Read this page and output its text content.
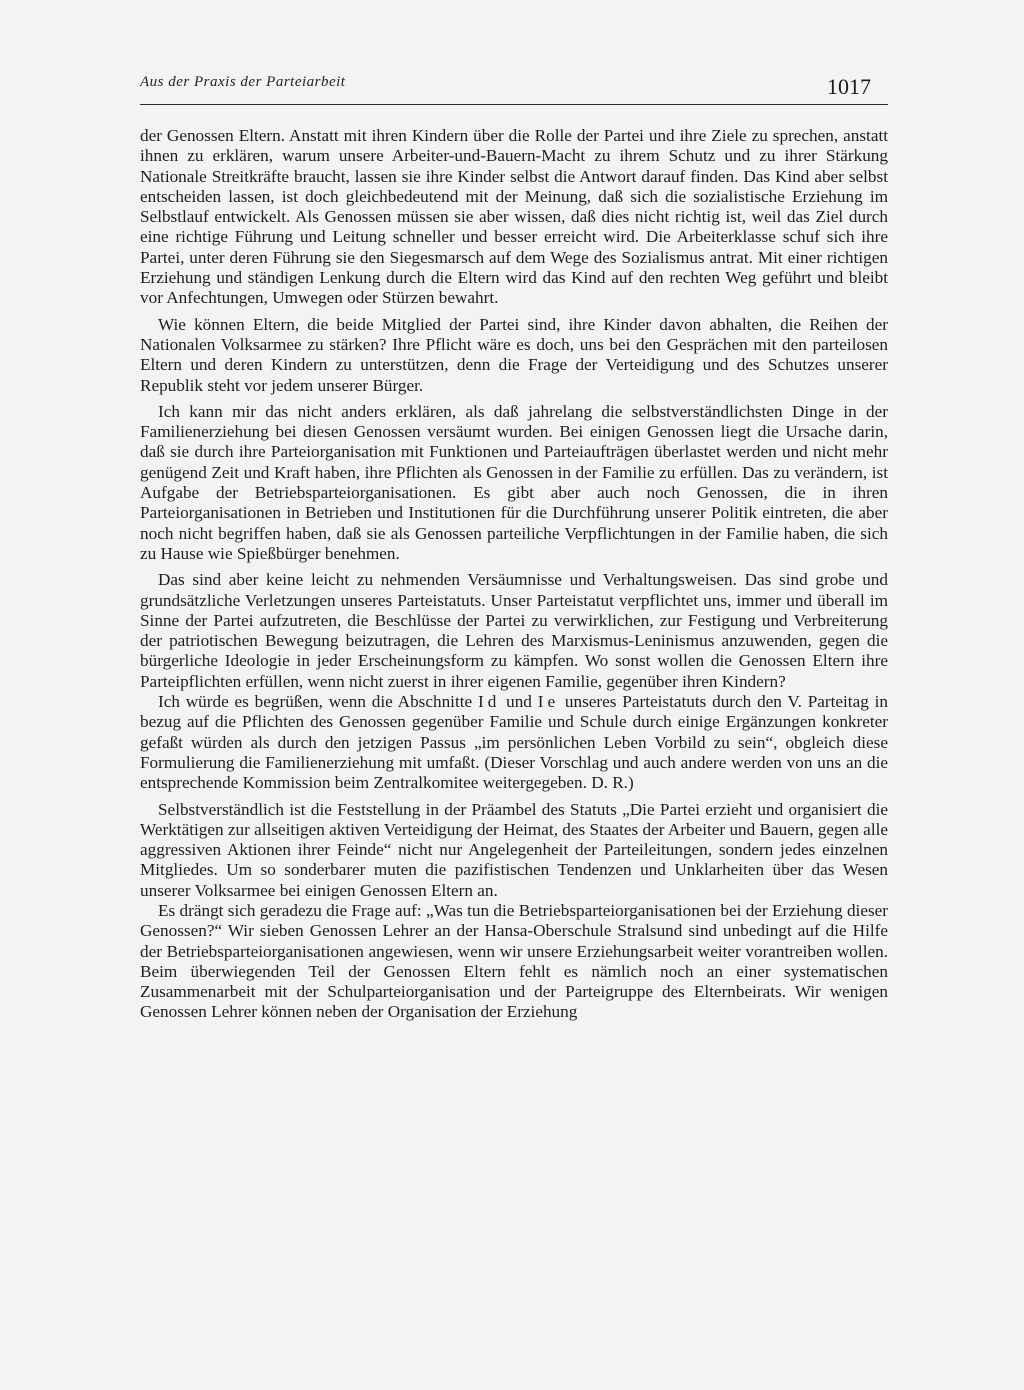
Aus der Praxis der Parteiarbeit	1017

der Genossen Eltern. Anstatt mit ihren Kindern über die Rolle der Partei und ihre Ziele zu sprechen, anstatt ihnen zu erklären, warum unsere Arbeiter-und-Bauern-Macht zu ihrem Schutz und zu ihrer Stärkung Nationale Streitkräfte braucht, lassen sie ihre Kinder selbst die Antwort darauf finden. Das Kind aber selbst entscheiden lassen, ist doch gleichbedeutend mit der Meinung, daß sich die sozialistische Erziehung im Selbstlauf entwickelt. Als Genossen müssen sie aber wissen, daß dies nicht richtig ist, weil das Ziel durch eine richtige Führung und Leitung schneller und besser erreicht wird. Die Arbeiterklasse schuf sich ihre Partei, unter deren Führung sie den Siegesmarsch auf dem Wege des Sozialismus antrat. Mit einer richtigen Erziehung und ständigen Lenkung durch die Eltern wird das Kind auf den rechten Weg geführt und bleibt vor Anfechtungen, Umwegen oder Stürzen bewahrt.

Wie können Eltern, die beide Mitglied der Partei sind, ihre Kinder davon abhalten, die Reihen der Nationalen Volksarmee zu stärken? Ihre Pflicht wäre es doch, uns bei den Gesprächen mit den parteilosen Eltern und deren Kindern zu unterstützen, denn die Frage der Verteidigung und des Schutzes unserer Republik steht vor jedem unserer Bürger.

Ich kann mir das nicht anders erklären, als daß jahrelang die selbstverständlichsten Dinge in der Familienerziehung bei diesen Genossen versäumt wurden. Bei einigen Genossen liegt die Ursache darin, daß sie durch ihre Parteiorganisation mit Funktionen und Parteiaufträgen überlastet werden und nicht mehr genügend Zeit und Kraft haben, ihre Pflichten als Genossen in der Familie zu erfüllen. Das zu verändern, ist Aufgabe der Betriebsparteiorganisationen. Es gibt aber auch noch Genossen, die in ihren Parteiorganisationen in Betrieben und Institutionen für die Durchführung unserer Politik eintreten, die aber noch nicht begriffen haben, daß sie als Genossen parteiliche Verpflichtungen in der Familie haben, die sich zu Hause wie Spießbürger benehmen.

Das sind aber keine leicht zu nehmenden Versäumnisse und Verhaltungsweisen. Das sind grobe und grundsätzliche Verletzungen unseres Parteistatuts. Unser Parteistatut verpflichtet uns, immer und überall im Sinne der Partei aufzutreten, die Beschlüsse der Partei zu verwirklichen, zur Festigung und Verbreiterung der patriotischen Bewegung beizutragen, die Lehren des Marxismus-Leninismus anzuwenden, gegen die bürgerliche Ideologie in jeder Erscheinungsform zu kämpfen. Wo sonst wollen die Genossen Eltern ihre Parteipflichten erfüllen, wenn nicht zuerst in ihrer eigenen Familie, gegenüber ihren Kindern?

Ich würde es begrüßen, wenn die Abschnitte Id und Ie unseres Parteistatuts durch den V. Parteitag in bezug auf die Pflichten des Genossen gegenüber Familie und Schule durch einige Ergänzungen konkreter gefaßt würden als durch den jetzigen Passus „im persönlichen Leben Vorbild zu sein“, obgleich diese Formulierung die Familienerziehung mit umfaßt. (Dieser Vorschlag und auch andere werden von uns an die entsprechende Kommission beim Zentralkomitee weitergegeben. D. R.)

Selbstverständlich ist die Feststellung in der Präambel des Statuts „Die Partei erzieht und organisiert die Werktätigen zur allseitigen aktiven Verteidigung der Heimat, des Staates der Arbeiter und Bauern, gegen alle aggressiven Aktionen ihrer Feinde“ nicht nur Angelegenheit der Parteileitungen, sondern jedes einzelnen Mitgliedes. Um so sonderbarer muten die pazifistischen Tendenzen und Unklarheiten über das Wesen unserer Volksarmee bei einigen Genossen Eltern an.

Es drängt sich geradezu die Frage auf: „Was tun die Betriebsparteiorganisationen bei der Erziehung dieser Genossen?“ Wir sieben Genossen Lehrer an der Hansa-Oberschule Stralsund sind unbedingt auf die Hilfe der Betriebsparteiorganisationen angewiesen, wenn wir unsere Erziehungsarbeit weiter vorantreiben wollen. Beim überwiegenden Teil der Genossen Eltern fehlt es nämlich noch an einer systematischen Zusammenarbeit mit der Schulparteiorganisation und der Parteigruppe des Elternbeirats. Wir wenigen Genossen Lehrer können neben der Organisation der Erziehung
